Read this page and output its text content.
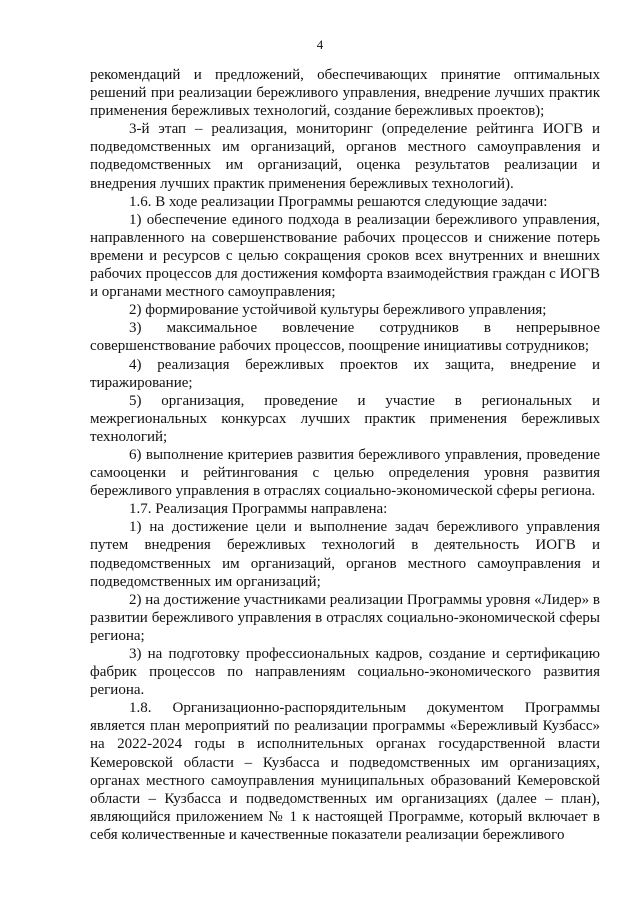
4

рекомендаций и предложений, обеспечивающих принятие оптимальных решений при реализации бережливого управления, внедрение лучших практик применения бережливых технологий, создание бережливых проектов);

3-й этап – реализация, мониторинг (определение рейтинга ИОГВ и подведомственных им организаций, органов местного самоуправления и подведомственных им организаций, оценка результатов реализации и внедрения лучших практик применения бережливых технологий).

1.6. В ходе реализации Программы решаются следующие задачи:

1) обеспечение единого подхода в реализации бережливого управления, направленного на совершенствование рабочих процессов и снижение потерь времени и ресурсов с целью сокращения сроков всех внутренних и внешних рабочих процессов для достижения комфорта взаимодействия граждан с ИОГВ и органами местного самоуправления;

2) формирование устойчивой культуры бережливого управления;

3) максимальное вовлечение сотрудников в непрерывное совершенствование рабочих процессов, поощрение инициативы сотрудников;

4) реализация бережливых проектов их защита, внедрение и тиражирование;

5) организация, проведение и участие в региональных и межрегиональных конкурсах лучших практик применения бережливых технологий;

6) выполнение критериев развития бережливого управления, проведение самооценки и рейтингования с целью определения уровня развития бережливого управления в отраслях социально-экономической сферы региона.

1.7. Реализация Программы направлена:

1) на достижение цели и выполнение задач бережливого управления путем внедрения бережливых технологий в деятельность ИОГВ и подведомственных им организаций, органов местного самоуправления и подведомственных им организаций;

2) на достижение участниками реализации Программы уровня «Лидер» в развитии бережливого управления в отраслях социально-экономической сферы региона;

3) на подготовку профессиональных кадров, создание и сертификацию фабрик процессов по направлениям социально-экономического развития региона.

1.8. Организационно-распорядительным документом Программы является план мероприятий по реализации программы «Бережливый Кузбасс» на 2022-2024 годы в исполнительных органах государственной власти Кемеровской области – Кузбасса и подведомственных им организациях, органах местного самоуправления муниципальных образований Кемеровской области – Кузбасса и подведомственных им организациях (далее – план), являющийся приложением № 1 к настоящей Программе, который включает в себя количественные и качественные показатели реализации бережливого
